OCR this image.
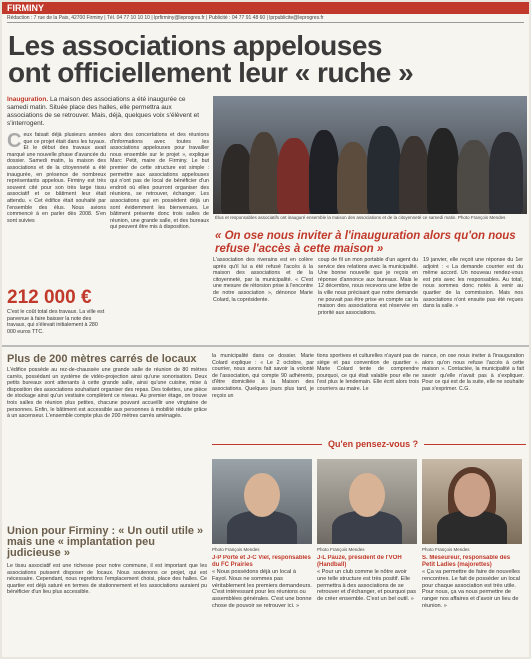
FIRMINY
Rédaction : 7 rue de la Paix, 42700 Firminy | Tél. 04 77 10 10 10 | lprfirminy@leprogres.fr | Publicité : 04 77 91 48 60 | lprpublicite@leprogres.fr
Les associations appelouses
ont officiellement leur « ruche »
Inauguration. La maison des associations a été inaugurée ce samedi matin. Située place des halles, elle permettra aux associations de se retrouver. Mais, déjà, quelques voix s'élèvent et s'interrogent.
Ceux faisait déjà plusieurs années que ce projet était dans les tuyaux. Et le début des travaux avait marqué une nouvelle phase d'avancée du dossier. Samedi matin, la maison des associations et de la citoyenneté a été inaugurée, en présence de nombreux représentants appelous. Firminy est très souvent cité pour son très large tissu associatif et ce bâtiment leur était attendu. « Cet édifice était souhaité par l'ensemble des élus. Nous avions commencé à en parler dès 2008. S'en sont suivies
alors des concertations et des réunions d'informations avec toutes les associations appelouses pour travailler nous ensemble sur le projet », explique Marc Petit, maire de Firminy. Le but premier de cette structure est simple : permettre aux associations appelouses qui n'ont pas de local de bénéficier d'un endroit où elles pourront organiser des réunions, se retrouver, échanger. Les associations qui en possèdent déjà un sont évidemment les bienvenues. Le bâtiment présente donc trois salles de réunion, une grande salle, et des bureaux qui peuvent être mis à disposition.
212 000 €
C'est le coût total des travaux. La ville est parvenue à faire baisser la note des travaux, qui s'élevait initialement à 280 000 euros TTC.
Élus et responsables associatifs ont inauguré ensemble la maison des associations et de la citoyenneté ce samedi matin. Photo François Mendes
« On ose nous inviter à l'inauguration alors qu'on nous refuse l'accès à cette maison »
L'association des riverains est en colère après qu'il lui a été refusé l'accès à la maison des associations et de la citoyenneté, par la municipalité. « C'est une mesure de rétorsion prise à l'encontre de notre association », dénonce Marie Colard, la coprésidente.
coup de fil un mon portable d'un agent du service des relations avec la municipalité. Une bonne nouvelle que je reçois en réponse d'annonce aux bureaux. Mais le 12 décembre, nous recevons une lettre de la ville nous précisant que notre demande ne pouvait pas être prise en compte car la maison des associations est réservée en priorité aux associations.
19 janvier, elle reçoit une réponse du 1er adjoint : « La demande courrier est du même accord. Un nouveau rendez-vous est pris avec les responsables. Au total, nous sommes donc notés à venir au quartier de la commission. Mais nos associations n'ont ensuite pas été reçues dans la salle. »
Plus de 200 mètres carrés de locaux
L'édifice possède au rez-de-chaussée une grande salle de réunion de 80 mètres carrés, possédant un système de vidéo-projection ainsi qu'une sonorisation. Deux petits bureaux sont attenants à cette grande salle, ainsi qu'une cuisine, mise à disposition des associations souhaitant organiser des repas. Des toilettes, une pièce de stockage ainsi qu'un vestiaire complètent ce niveau. Au premier étage, on trouve trois salles de réunion plus petites, chacune pouvant accueillir une vingtaine de personnes. Enfin, le bâtiment est accessible aux personnes à mobilité réduite grâce à un ascenseur. L'ensemble compte plus de 200 mètres carrés aménagés.
Union pour Firminy : « Un outil utile » mais une « implantation peu judicieuse »
Le tissu associatif est une richesse pour notre commune, il est important que les associations puissent disposer de locaux. Nous soutenons ce projet, qui est nécessaire. Cependant, nous regrettons l'emplacement choisi, place des halles. Ce quartier est déjà saturé en termes de stationnement et les associations auraient pu bénéficier d'un lieu plus accessible.
la municipalité dans ce dossier. Marie Colard explique : « Le 2 octobre, par courrier, nous avons fait savoir la volonté de l'association, qui compte 90 adhérents, d'être domiciliée à la Maison des associations. Quelques jours plus tard, je reçois un
tions sportives et culturelles n'ayant pas de siège et pas convention de quartier ». Marie Colard tente de comprendre pourquoi, ce qui était valable pour elle ne l'est plus le lendemain. Elle écrit alors trois courriers au maire. Le
nance, on ose nous inviter à l'inauguration alors qu'on nous refuse l'accès à cette maison ». Contactée, la municipalité a fait savoir qu'elle n'avait pas à s'expliquer. Pour ce qui est de la suite, elle ne souhaite pas s'exprimer. C.G.
Qu'en pensez-vous ?
Photo François Mendes	Photo François Mendes	Photo François Mendes
J-P Porte et J-C Viel, responsables du FC Prairies
« Nous possédons déjà un local à Fayol. Nous ne sommes pas véritablement les premiers demandeurs. C'est intéressant pour les réunions ou assemblées générales. C'est une bonne chose de pouvoir se retrouver ici. »
J-L Pauze, président de l'VOH (Handball)
« Pour un club comme le nôtre avoir une telle structure est très positif. Elle permettra à des associations de se retrouver et d'échanger, et pourquoi pas de créer ensemble. C'est un bel outil. »
S. Meseureur, responsable des Petit Ladies (majorettes)
« Ça va permettre de faire de nouvelles rencontres. Le fait de posséder un local pour chaque association est très utile. Pour nous, ça va nous permettre de ranger nos affaires et d'avoir un lieu de réunion. »
